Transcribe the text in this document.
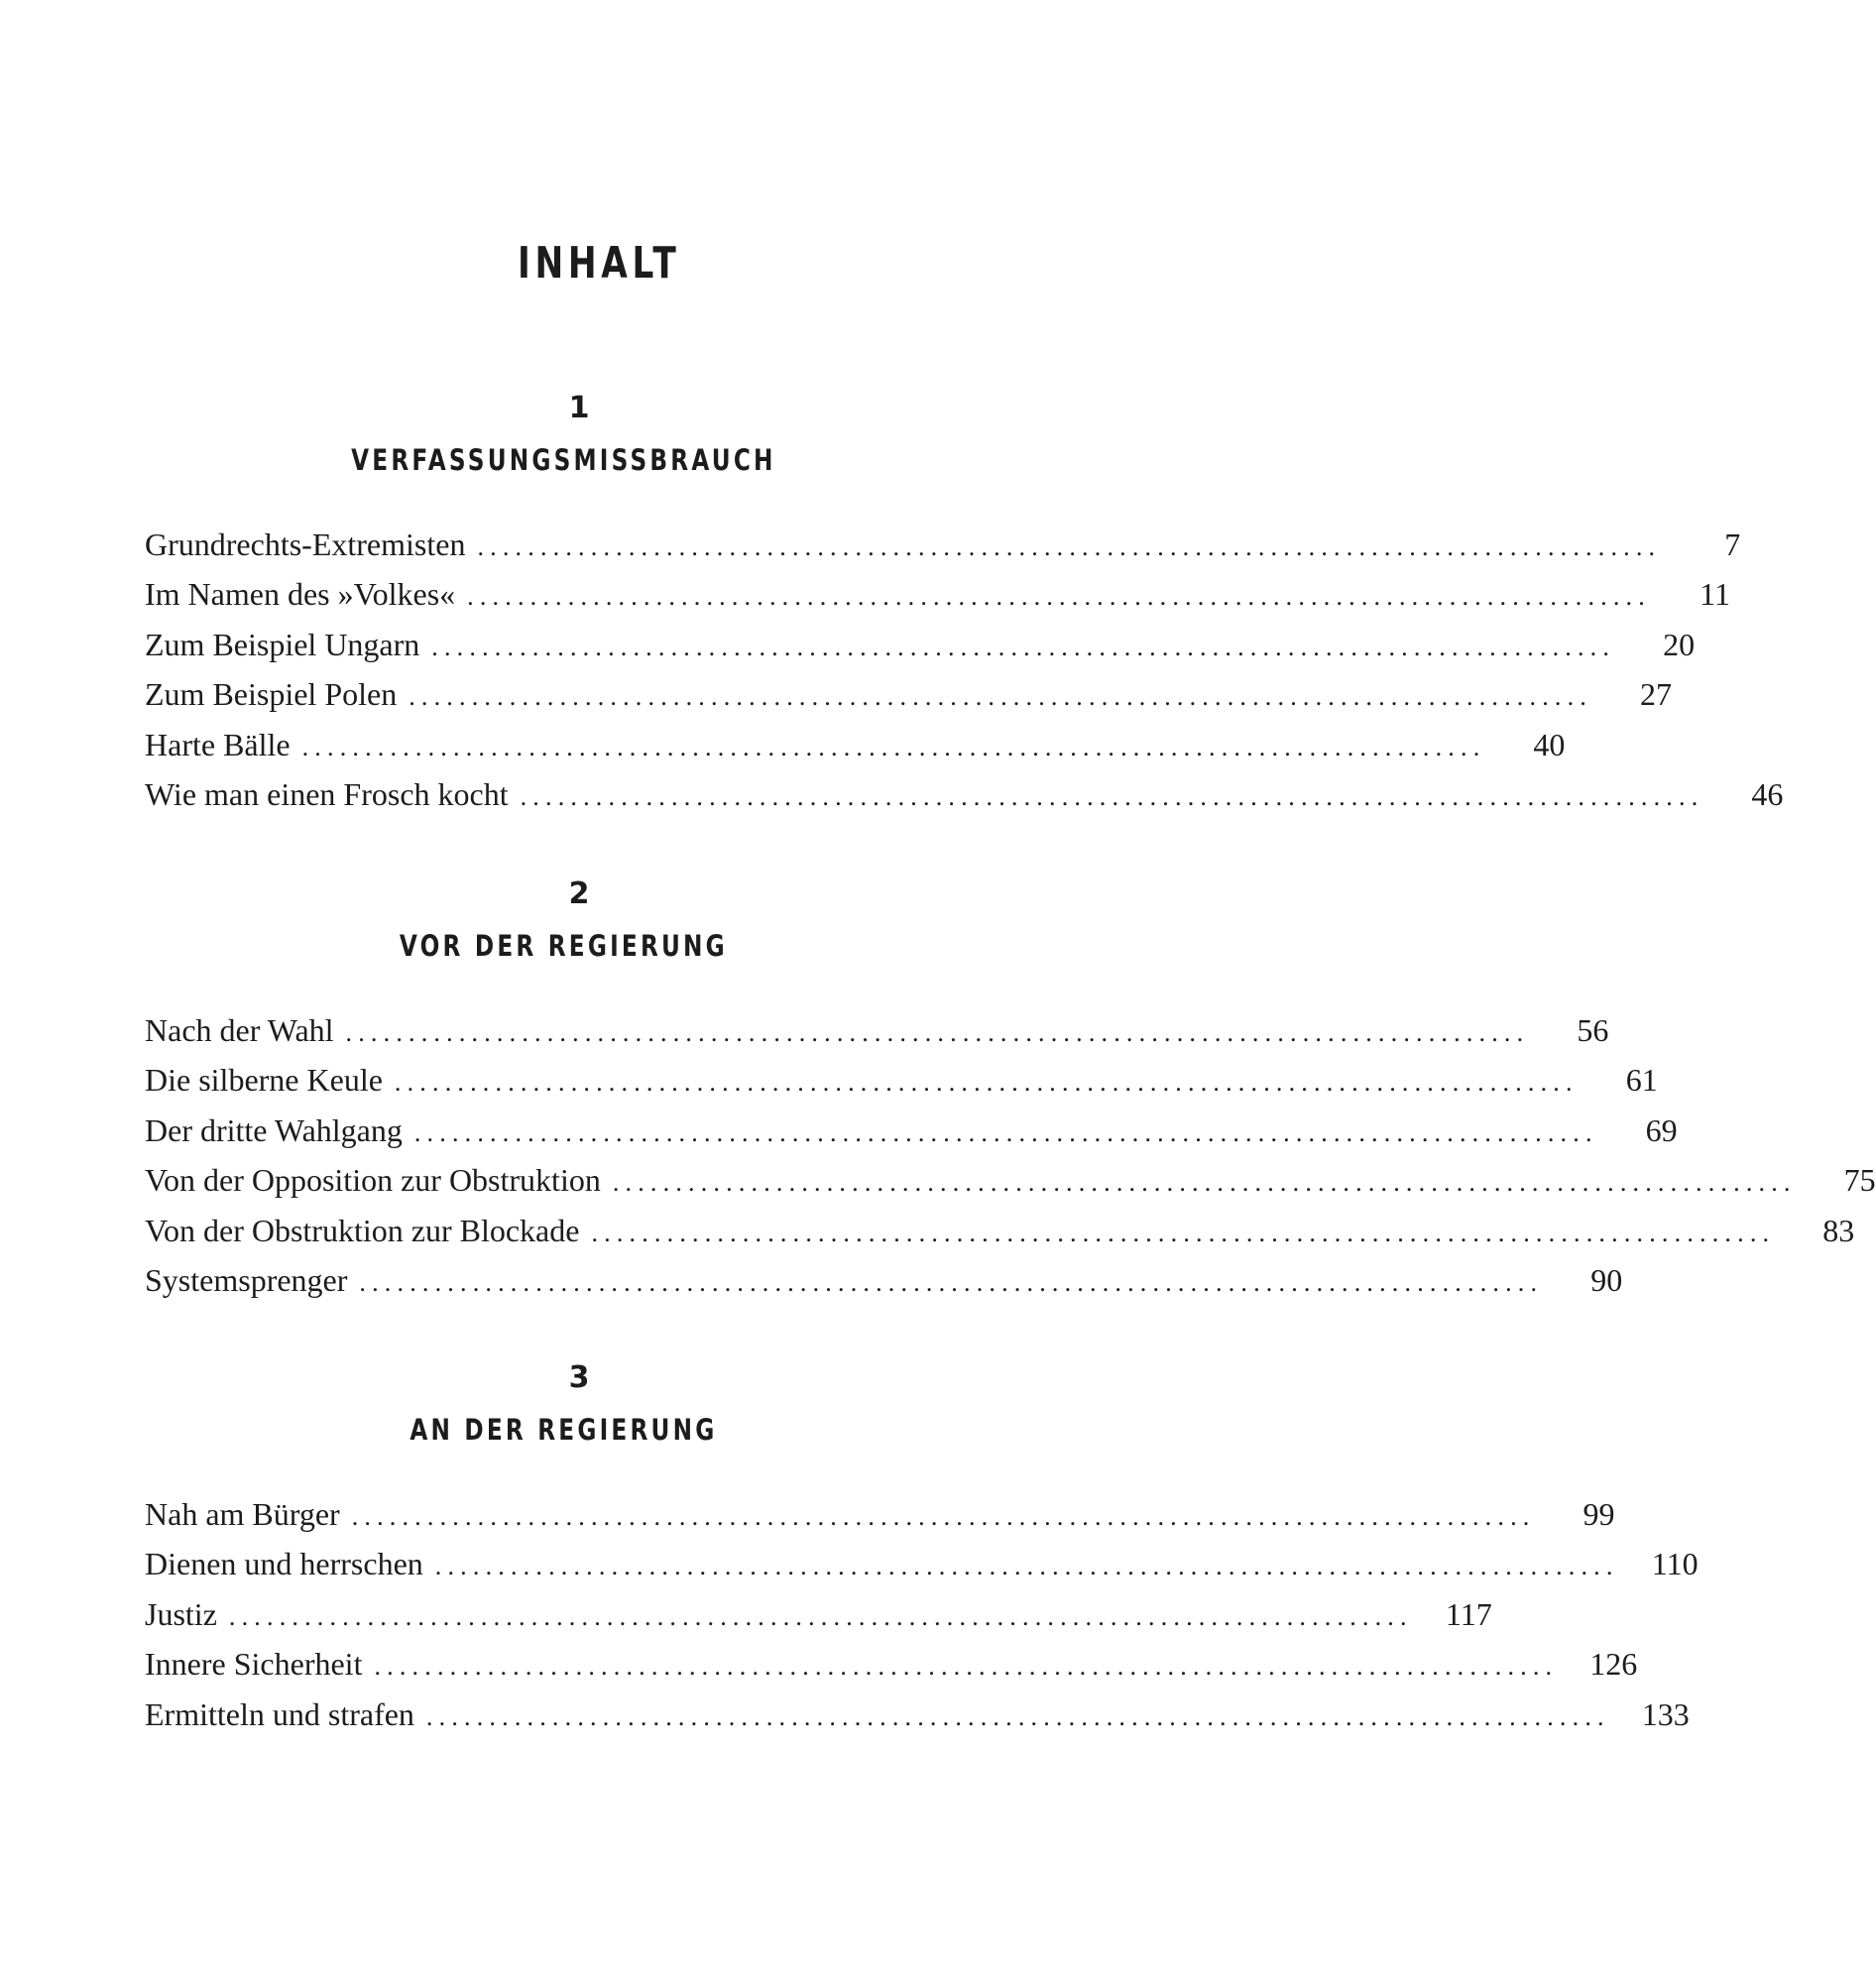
INHALT
1
VERFASSUNGSMISSBRAUCH
Grundrechts-Extremisten ..............................................................................................	7
Im Namen des »Volkes« ..............................................................................................	11
Zum Beispiel Ungarn ..............................................................................................	20
Zum Beispiel Polen ..............................................................................................	27
Harte Bälle ..............................................................................................	40
Wie man einen Frosch kocht ..............................................................................................	46
2
VOR DER REGIERUNG
Nach der Wahl ..............................................................................................	56
Die silberne Keule ..............................................................................................	61
Der dritte Wahlgang ..............................................................................................	69
Von der Opposition zur Obstruktion ..............................................................................................	75
Von der Obstruktion zur Blockade ..............................................................................................	83
Systemsprenger ..............................................................................................	90
3
AN DER REGIERUNG
Nah am Bürger ..............................................................................................	99
Dienen und herrschen ..............................................................................................	110
Justiz ..............................................................................................	117
Innere Sicherheit ..............................................................................................	126
Ermitteln und strafen ..............................................................................................	133
